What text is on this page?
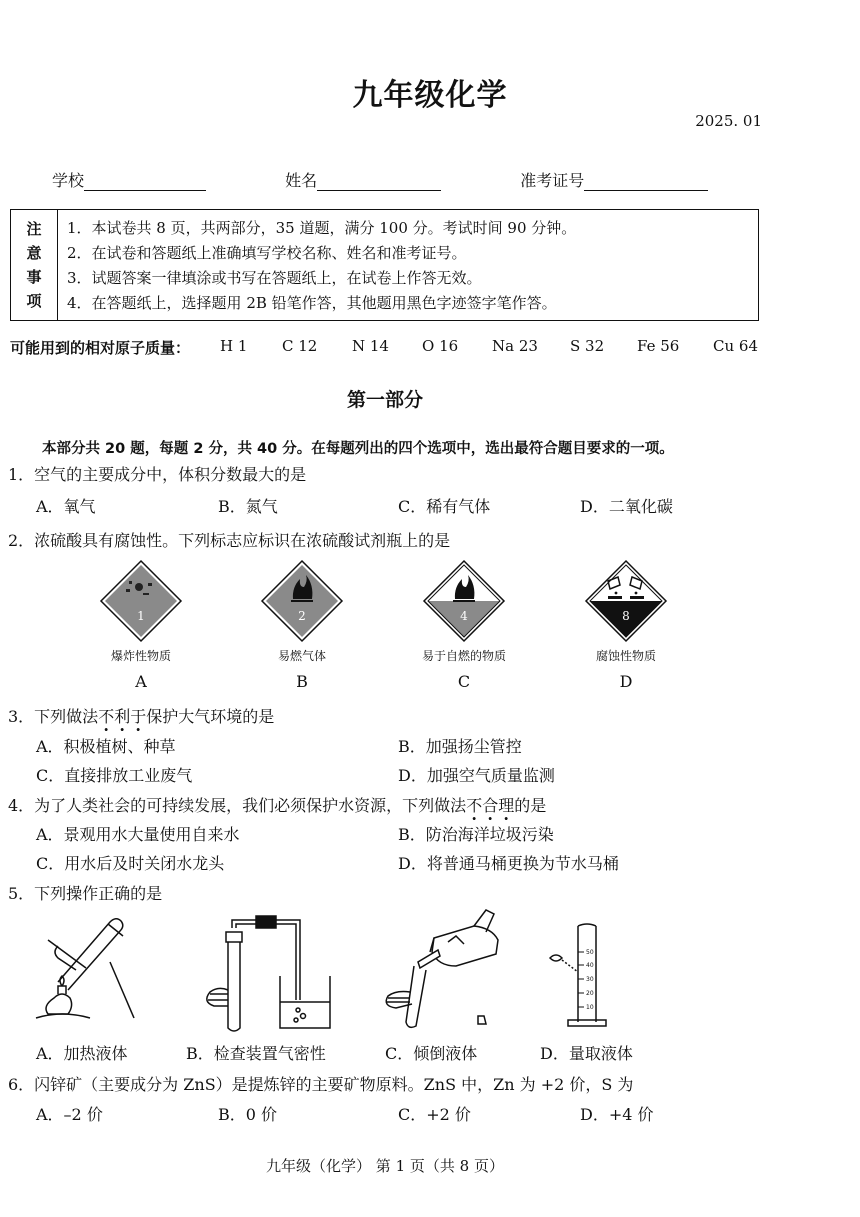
九年级化学
2025. 01
学校	姓名	准考证号
注
意
事
项
1．本试卷共 8 页，共两部分，35 道题，满分 100 分。考试时间 90 分钟。
2．在试卷和答题纸上准确填写学校名称、姓名和准考证号。
3．试题答案一律填涂或书写在答题纸上，在试卷上作答无效。
4．在答题纸上，选择题用 2B 铅笔作答，其他题用黑色字迹签字笔作答。
可能用到的相对原子质量： H 1 C 12 N 14 O 16 Na 23 S 32 Fe 56 Cu 64
第一部分
本部分共 20 题，每题 2 分，共 40 分。在每题列出的四个选项中，选出最符合题目要求的一项。
1．空气的主要成分中，体积分数最大的是
A．氧气	B．氮气	C．稀有气体	D．二氧化碳
2．浓硫酸具有腐蚀性。下列标志应标识在浓硫酸试剂瓶上的是
1	2	4	8
爆炸性物质	易燃气体	易于自燃的物质	腐蚀性物质
A	B	C	D
3．下列做法不利于保护大气环境的是
A．积极植树、种草	B．加强扬尘管控
C．直接排放工业废气	D．加强空气质量监测
4．为了人类社会的可持续发展，我们必须保护水资源，下列做法不合理的是
A．景观用水大量使用自来水	B．防治海洋垃圾污染
C．用水后及时关闭水龙头	D．将普通马桶更换为节水马桶
5．下列操作正确的是
50
40
30
20
10
A．加热液体	B．检查装置气密性	C．倾倒液体	D．量取液体
6．闪锌矿（主要成分为 ZnS）是提炼锌的主要矿物原料。ZnS 中，Zn 为 +2 价，S 为
A．–2 价	B．0 价	C．+2 价	D．+4 价
九年级（化学） 第 1 页（共 8 页）
